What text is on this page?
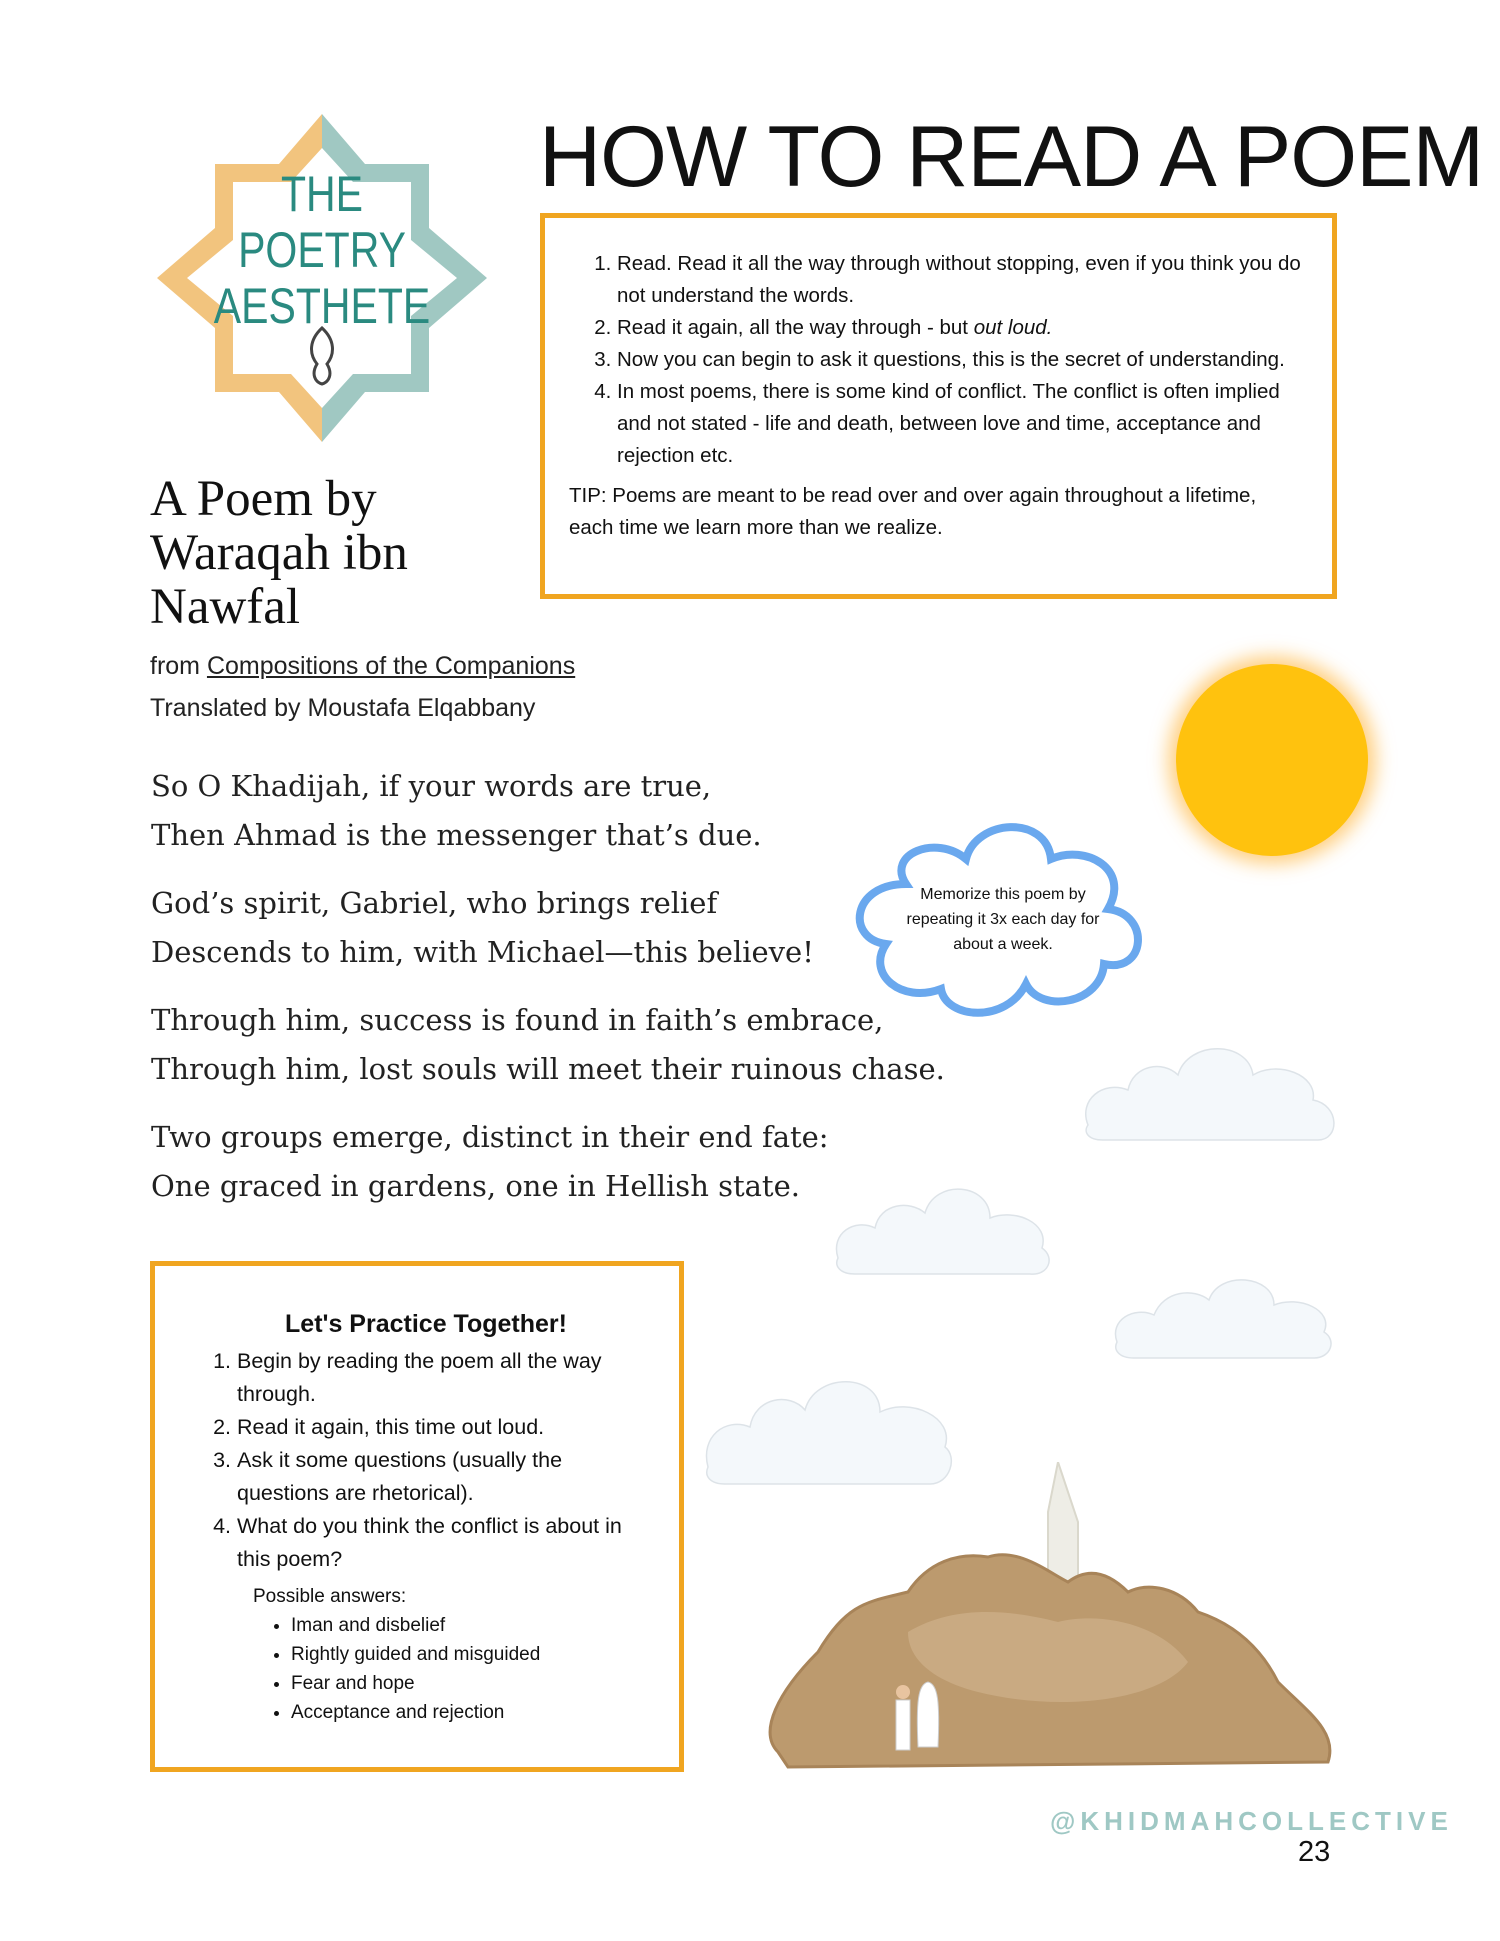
THE
POETRY
AESTHETE
HOW TO READ A POEM
1. Read. Read it all the way through without stopping, even if you think you do not understand the words.
2. Read it again, all the way through - but out loud.
3. Now you can begin to ask it questions, this is the secret of understanding.
4. In most poems, there is some kind of conflict. The conflict is often implied and not stated - life and death, between love and time, acceptance and rejection etc.

TIP: Poems are meant to be read over and over again throughout a lifetime, each time we learn more than we realize.

A Poem by
Waraqah ibn
Nawfal
from Compositions of the Companions
Translated by Moustafa Elqabbany
So O Khadijah, if your words are true,
Then Ahmad is the messenger that’s due.
God’s spirit, Gabriel, who brings relief
Descends to him, with Michael—this believe!
Through him, success is found in faith’s embrace,
Through him, lost souls will meet their ruinous chase.
Two groups emerge, distinct in their end fate:
One graced in gardens, one in Hellish state.
Memorize this poem by repeating it 3x each day for about a week.
Let's Practice Together!
1. Begin by reading the poem all the way through.
2. Read it again, this time out loud.
3. Ask it some questions (usually the questions are rhetorical).
4. What do you think the conflict is about in this poem?
Possible answers:
• Iman and disbelief
• Rightly guided and misguided
• Fear and hope
• Acceptance and rejection
@KHIDMAHCOLLECTIVE
23
